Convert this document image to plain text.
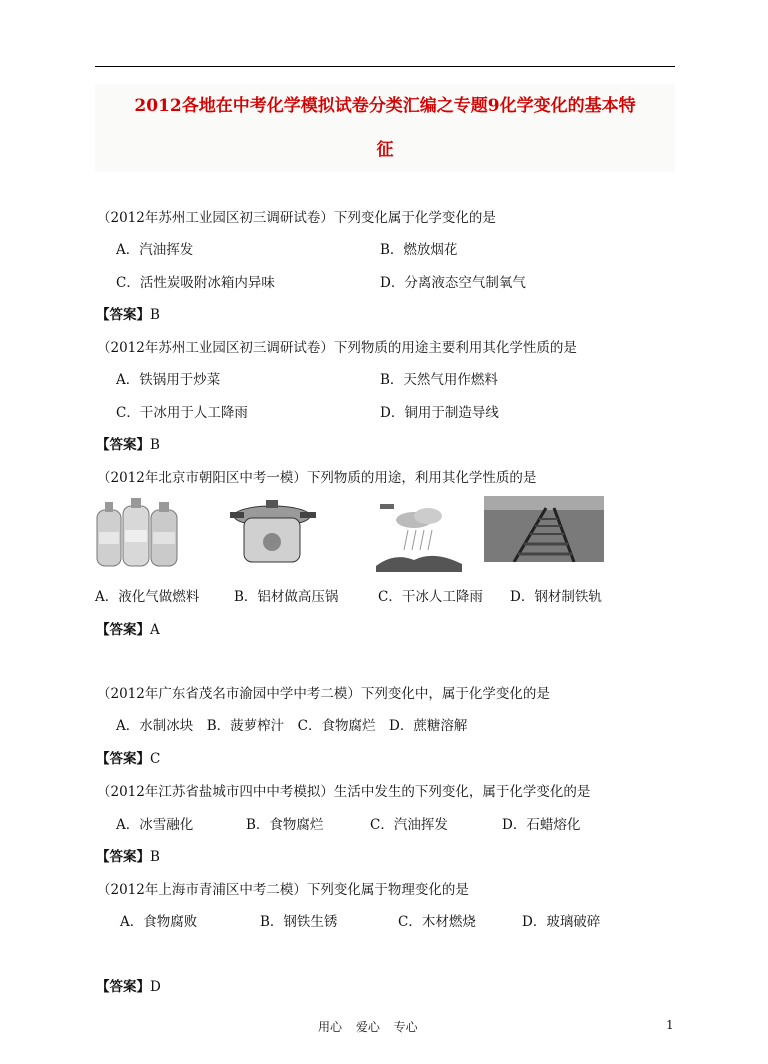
2012各地在中考化学模拟试卷分类汇编之专题9化学变化的基本特
征
（2012年苏州工业园区初三调研试卷）下列变化属于化学变化的是
A．汽油挥发	B．燃放烟花
C．活性炭吸附冰箱内异味	D．分离液态空气制氧气
【答案】B
（2012年苏州工业园区初三调研试卷）下列物质的用途主要利用其化学性质的是
A．铁锅用于炒菜	B．天然气用作燃料
C．干冰用于人工降雨	D．铜用于制造导线
【答案】B
（2012年北京市朝阳区中考一模）下列物质的用途，利用其化学性质的是
A．液化气做燃料	B．铝材做高压锅	C．干冰人工降雨 D．钢材制铁轨
【答案】A
（2012年广东省茂名市渝园中学中考二模）下列变化中，属于化学变化的是
A．水制冰块　B．菠萝榨汁　C．食物腐烂　D．蔗糖溶解
【答案】C
（2012年江苏省盐城市四中中考模拟）生活中发生的下列变化，属于化学变化的是
A．冰雪融化	B．食物腐烂	C．汽油挥发	D．石蜡熔化
【答案】B
（2012年上海市青浦区中考二模）下列变化属于物理变化的是
A．食物腐败	B．钢铁生锈	C．木材燃烧	D．玻璃破碎
【答案】D
用心 爱心 专心	1
